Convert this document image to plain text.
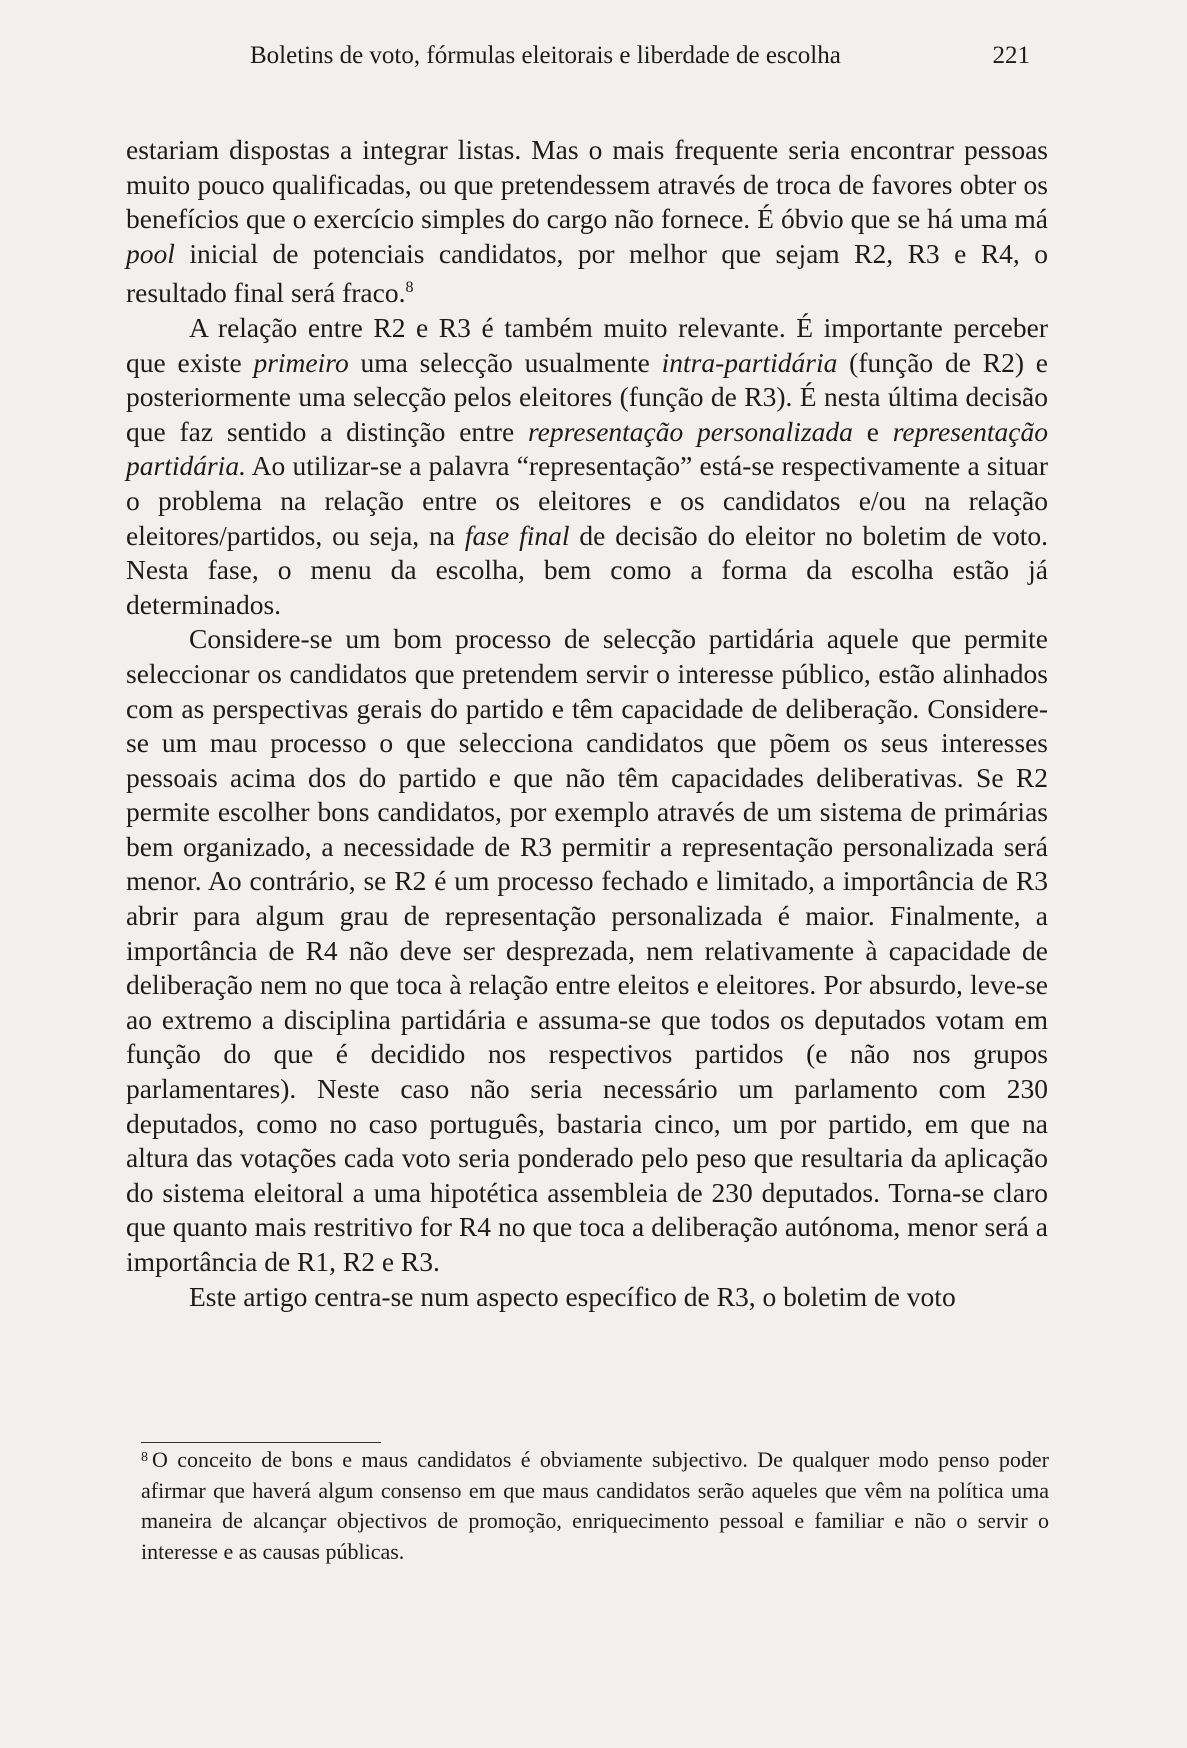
Boletins de voto, fórmulas eleitorais e liberdade de escolha	221

estariam dispostas a integrar listas. Mas o mais frequente seria encontrar pessoas muito pouco qualificadas, ou que pretendessem através de troca de favores obter os benefícios que o exercício simples do cargo não fornece. É óbvio que se há uma má pool inicial de potenciais candidatos, por melhor que sejam R2, R3 e R4, o resultado final será fraco.$^8$

A relação entre R2 e R3 é também muito relevante. É importante perceber que existe primeiro uma selecção usualmente intra-partidária (função de R2) e posteriormente uma selecção pelos eleitores (função de R3). É nesta última decisão que faz sentido a distinção entre representação personalizada e representação partidária. Ao utilizar-se a palavra “representação” está-se respectivamente a situar o problema na relação entre os eleitores e os candidatos e/ou na relação eleitores/partidos, ou seja, na fase final de decisão do eleitor no boletim de voto. Nesta fase, o menu da escolha, bem como a forma da escolha estão já determinados.

Considere-se um bom processo de selecção partidária aquele que permite seleccionar os candidatos que pretendem servir o interesse público, estão alinhados com as perspectivas gerais do partido e têm capacidade de deliberação. Considere-se um mau processo o que selecciona candidatos que põem os seus interesses pessoais acima dos do partido e que não têm capacidades deliberativas. Se R2 permite escolher bons candidatos, por exemplo através de um sistema de primárias bem organizado, a necessidade de R3 permitir a representação personalizada será menor. Ao contrário, se R2 é um processo fechado e limitado, a importância de R3 abrir para algum grau de representação personalizada é maior. Finalmente, a importância de R4 não deve ser desprezada, nem relativamente à capacidade de deliberação nem no que toca à relação entre eleitos e eleitores. Por absurdo, leve-se ao extremo a disciplina partidária e assuma-se que todos os deputados votam em função do que é decidido nos respectivos partidos (e não nos grupos parlamentares). Neste caso não seria necessário um parlamento com 230 deputados, como no caso português, bastaria cinco, um por partido, em que na altura das votações cada voto seria ponderado pelo peso que resultaria da aplicação do sistema eleitoral a uma hipotética assembleia de 230 deputados. Torna-se claro que quanto mais restritivo for R4 no que toca a deliberação autónoma, menor será a importância de R1, R2 e R3.

Este artigo centra-se num aspecto específico de R3, o boletim de voto

$^8$ O conceito de bons e maus candidatos é obviamente subjectivo. De qualquer modo penso poder afirmar que haverá algum consenso em que maus candidatos serão aqueles que vêm na política uma maneira de alcançar objectivos de promoção, enriquecimento pessoal e familiar e não o servir o interesse e as causas públicas.
